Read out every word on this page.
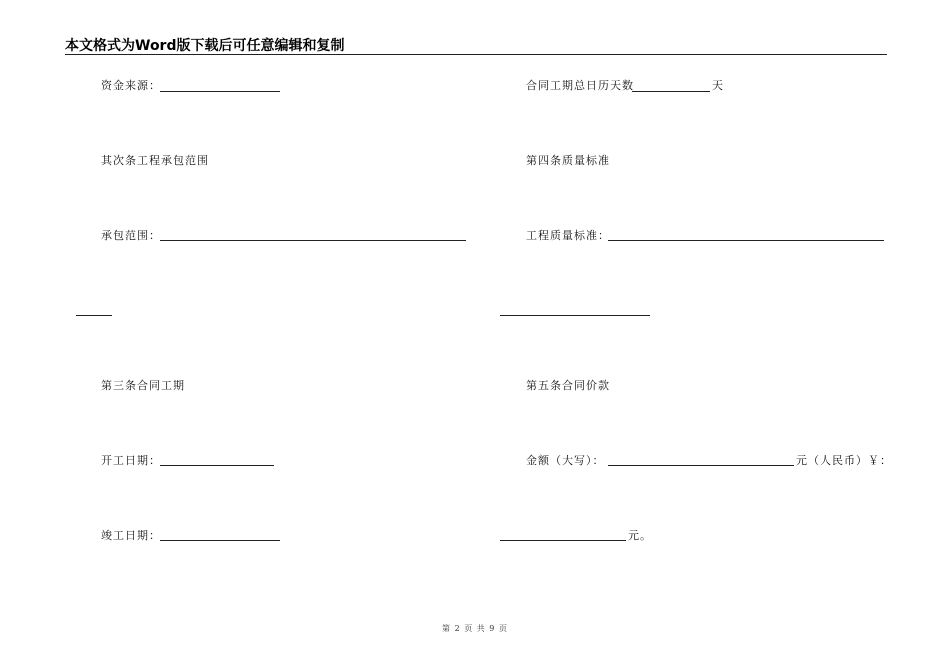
本文格式为Word版下载后可任意编辑和复制
资金来源：
其次条工程承包范围
承包范围：
第三条合同工期
开工日期：
竣工日期：
合同工期总日历天数	天
第四条质量标准
工程质量标准：
第五条合同价款
金额（大写）：	元（人民币）￥：
元。
第 2 页 共 9 页
